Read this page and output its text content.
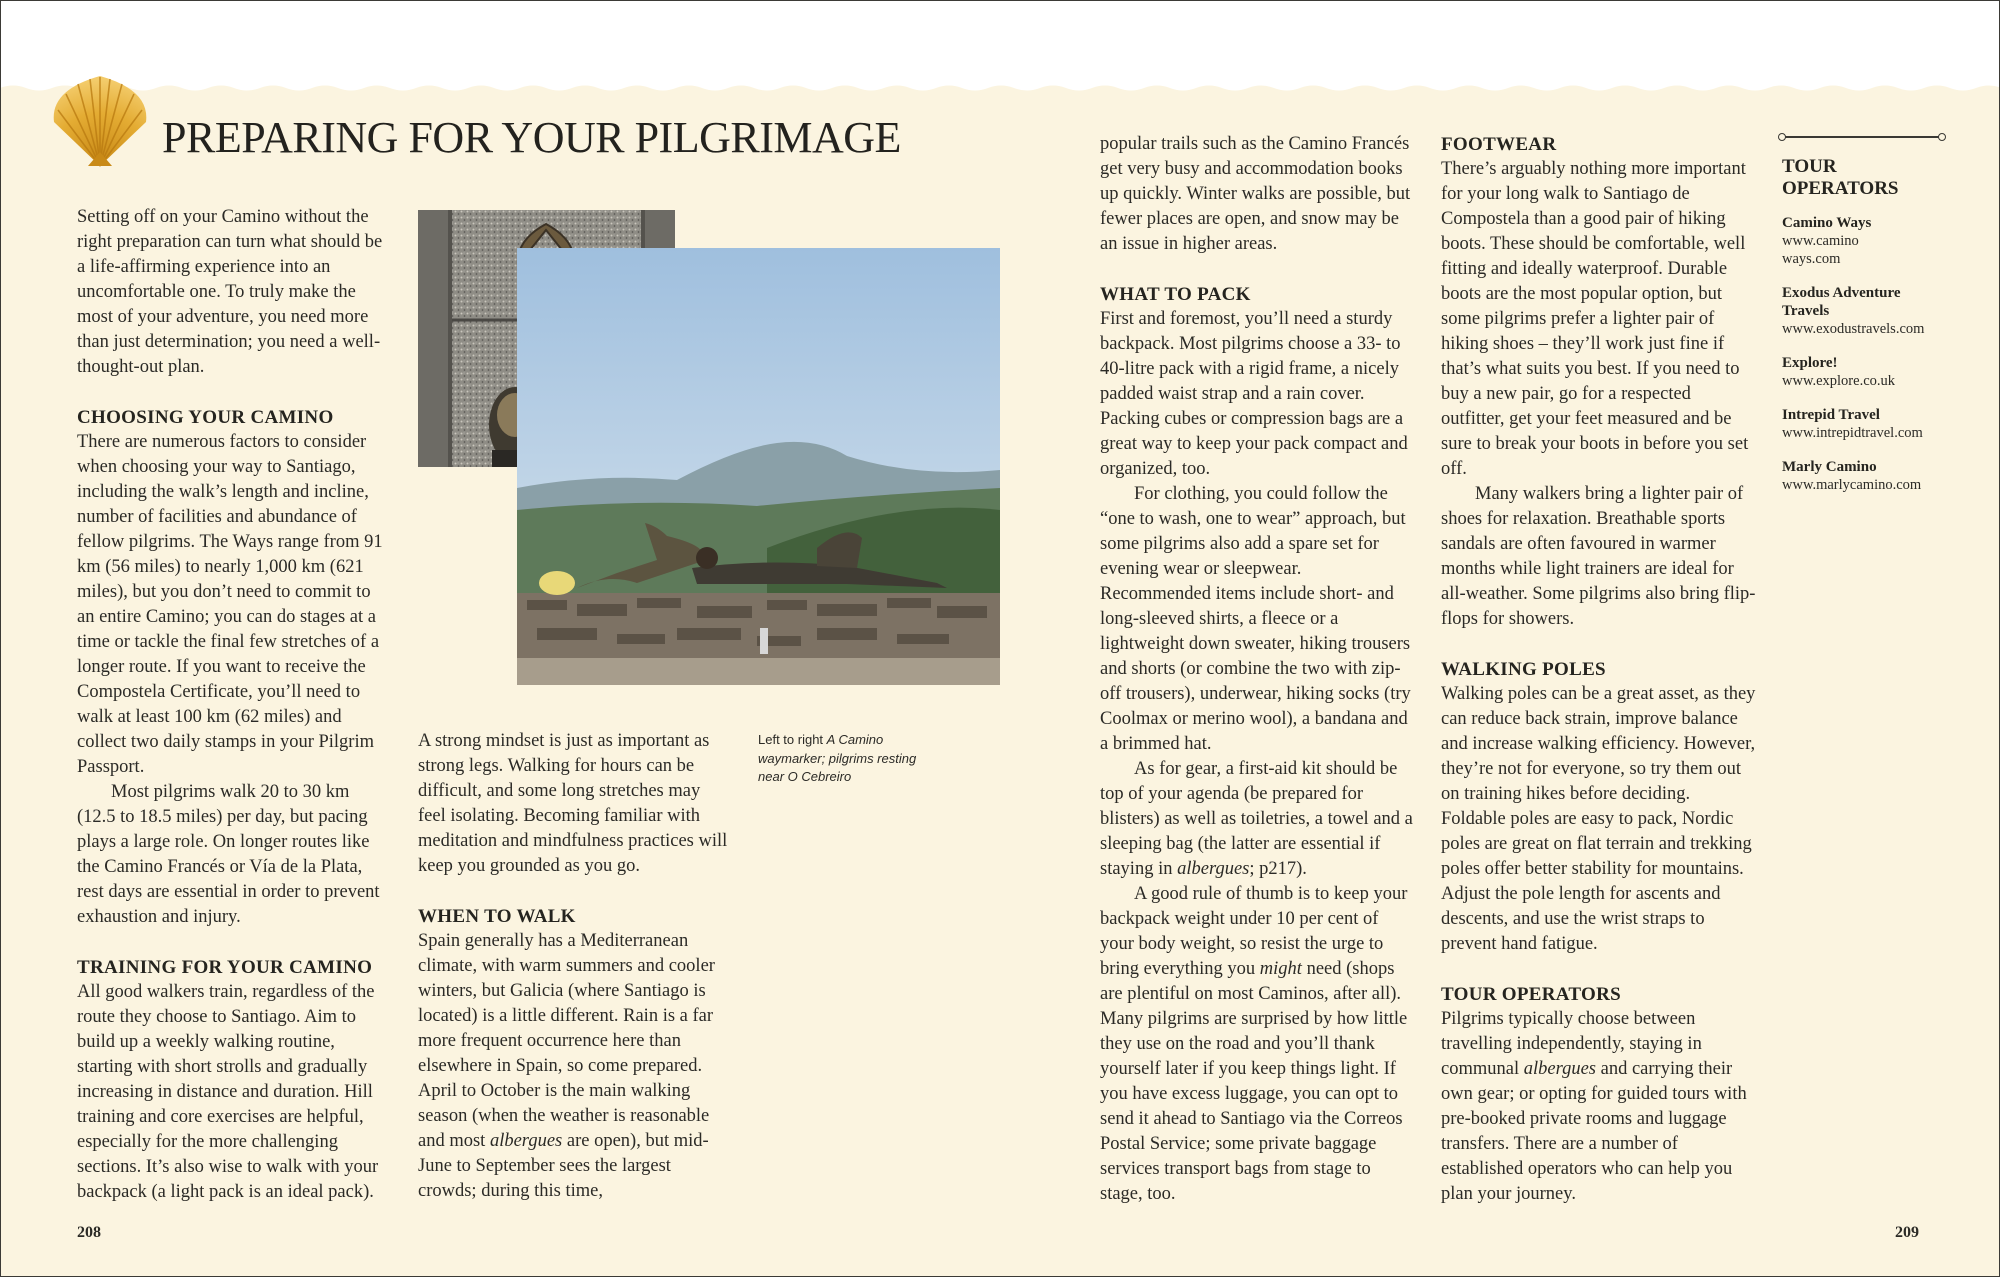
PREPARING FOR YOUR PILGRIMAGE

Setting off on your Camino without the right preparation can turn what should be a life-affirming experience into an uncomfortable one. To truly make the most of your adventure, you need more than just determination; you need a well-thought-out plan.

CHOOSING YOUR CAMINO

There are numerous factors to consider when choosing your way to Santiago, including the walk’s length and incline, number of facilities and abundance of fellow pilgrims. The Ways range from 91 km (56 miles) to nearly 1,000 km (621 miles), but you don’t need to commit to an entire Camino; you can do stages at a time or tackle the final few stretches of a longer route. If you want to receive the Compostela Certificate, you’ll need to walk at least 100 km (62 miles) and collect two daily stamps in your Pilgrim Passport.

Most pilgrims walk 20 to 30 km (12.5 to 18.5 miles) per day, but pacing plays a large role. On longer routes like the Camino Francés or Vía de la Plata, rest days are essential in order to prevent exhaustion and injury.

TRAINING FOR YOUR CAMINO

All good walkers train, regardless of the route they choose to Santiago. Aim to build up a weekly walking routine, starting with short strolls and gradually increasing in distance and duration. Hill training and core exercises are helpful, especially for the more challenging sections. It’s also wise to walk with your backpack (a light pack is an ideal pack).

Left to right A Camino waymarker; pilgrims resting near O Cebreiro

A strong mindset is just as important as strong legs. Walking for hours can be difficult, and some long stretches may feel isolating. Becoming familiar with meditation and mindfulness practices will keep you grounded as you go.

WHEN TO WALK

Spain generally has a Mediterranean climate, with warm summers and cooler winters, but Galicia (where Santiago is located) is a little different. Rain is a far more frequent occurrence here than elsewhere in Spain, so come prepared. April to October is the main walking season (when the weather is reasonable and most albergues are open), but mid-June to September sees the largest crowds; during this time,

popular trails such as the Camino Francés get very busy and accommodation books up quickly. Winter walks are possible, but fewer places are open, and snow may be an issue in higher areas.

WHAT TO PACK

First and foremost, you’ll need a sturdy backpack. Most pilgrims choose a 33- to 40-litre pack with a rigid frame, a nicely padded waist strap and a rain cover. Packing cubes or compression bags are a great way to keep your pack compact and organized, too.

For clothing, you could follow the “one to wash, one to wear” approach, but some pilgrims also add a spare set for evening wear or sleepwear. Recommended items include short- and long-sleeved shirts, a fleece or a lightweight down sweater, hiking trousers and shorts (or combine the two with zip-off trousers), underwear, hiking socks (try Coolmax or merino wool), a bandana and a brimmed hat.

As for gear, a first-aid kit should be top of your agenda (be prepared for blisters) as well as toiletries, a towel and a sleeping bag (the latter are essential if staying in albergues; p217).

A good rule of thumb is to keep your backpack weight under 10 per cent of your body weight, so resist the urge to bring everything you might need (shops are plentiful on most Caminos, after all). Many pilgrims are surprised by how little they use on the road and you’ll thank yourself later if you keep things light. If you have excess luggage, you can opt to send it ahead to Santiago via the Correos Postal Service; some private baggage services transport bags from stage to stage, too.

FOOTWEAR

There’s arguably nothing more important for your long walk to Santiago de Compostela than a good pair of hiking boots. These should be comfortable, well fitting and ideally waterproof. Durable boots are the most popular option, but some pilgrims prefer a lighter pair of hiking shoes – they’ll work just fine if that’s what suits you best. If you need to buy a new pair, go for a respected outfitter, get your feet measured and be sure to break your boots in before you set off.

Many walkers bring a lighter pair of shoes for relaxation. Breathable sports sandals are often favoured in warmer months while light trainers are ideal for all-weather. Some pilgrims also bring flip-flops for showers.

WALKING POLES

Walking poles can be a great asset, as they can reduce back strain, improve balance and increase walking efficiency. However, they’re not for everyone, so try them out on training hikes before deciding. Foldable poles are easy to pack, Nordic poles are great on flat terrain and trekking poles offer better stability for mountains. Adjust the pole length for ascents and descents, and use the wrist straps to prevent hand fatigue.

TOUR OPERATORS

Pilgrims typically choose between travelling independently, staying in communal albergues and carrying their own gear; or opting for guided tours with pre-booked private rooms and luggage transfers. There are a number of established operators who can help you plan your journey.

TOUR OPERATORS
Camino Ways
www.camino ways.com
Exodus Adventure Travels
www.exodustravels.com
Explore!
www.explore.co.uk
Intrepid Travel
www.intrepidtravel.com
Marly Camino
www.marlycamino.com
208	209
